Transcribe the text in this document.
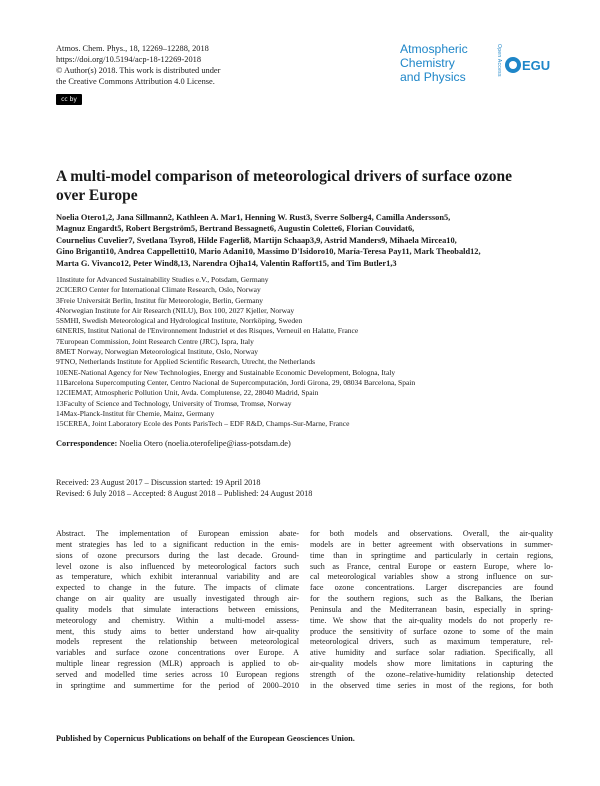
Atmos. Chem. Phys., 18, 12269–12288, 2018
https://doi.org/10.5194/acp-18-12269-2018
© Author(s) 2018. This work is distributed under
the Creative Commons Attribution 4.0 License.
cc by
Atmospheric
Chemistry
and Physics
Open Access EGU
A multi-model comparison of meteorological drivers of surface ozone over Europe
Noelia Otero1,2, Jana Sillmann2, Kathleen A. Mar1, Henning W. Rust3, Sverre Solberg4, Camilla Andersson5,
Magnuz Engardt5, Robert Bergström5, Bertrand Bessagnet6, Augustin Colette6, Florian Couvidat6,
Cournelius Cuvelier7, Svetlana Tsyro8, Hilde Fagerli8, Martijn Schaap3,9, Astrid Manders9, Mihaela Mircea10,
Gino Briganti10, Andrea Cappelletti10, Mario Adani10, Massimo D'Isidoro10, María-Teresa Pay11, Mark Theobald12,
Marta G. Vivanco12, Peter Wind8,13, Narendra Ojha14, Valentin Raffort15, and Tim Butler1,3
1Institute for Advanced Sustainability Studies e.V., Potsdam, Germany
2CICERO Center for International Climate Research, Oslo, Norway
3Freie Universität Berlin, Institut für Meteorologie, Berlin, Germany
4Norwegian Institute for Air Research (NILU), Box 100, 2027 Kjeller, Norway
5SMHI, Swedish Meteorological and Hydrological Institute, Norrköping, Sweden
6INERIS, Institut National de l'Environnement Industriel et des Risques, Verneuil en Halatte, France
7European Commission, Joint Research Centre (JRC), Ispra, Italy
8MET Norway, Norwegian Meteorological Institute, Oslo, Norway
9TNO, Netherlands Institute for Applied Scientific Research, Utrecht, the Netherlands
10ENE-National Agency for New Technologies, Energy and Sustainable Economic Development, Bologna, Italy
11Barcelona Supercomputing Center, Centro Nacional de Supercomputación, Jordi Girona, 29, 08034 Barcelona, Spain
12CIEMAT, Atmospheric Pollution Unit, Avda. Complutense, 22, 28040 Madrid, Spain
13Faculty of Science and Technology, University of Tromsø, Tromsø, Norway
14Max-Planck-Institut für Chemie, Mainz, Germany
15CEREA, Joint Laboratory Ecole des Ponts ParisTech – EDF R&D, Champs-Sur-Marne, France
Correspondence: Noelia Otero (noelia.oterofelipe@iass-potsdam.de)
Received: 23 August 2017 – Discussion started: 19 April 2018
Revised: 6 July 2018 – Accepted: 8 August 2018 – Published: 24 August 2018
Abstract. The implementation of European emission abate-
ment strategies has led to a significant reduction in the emis-
sions of ozone precursors during the last decade. Ground-
level ozone is also influenced by meteorological factors such
as temperature, which exhibit interannual variability and are
expected to change in the future. The impacts of climate
change on air quality are usually investigated through air-
quality models that simulate interactions between emissions,
meteorology and chemistry. Within a multi-model assess-
ment, this study aims to better understand how air-quality
models represent the relationship between meteorological
variables and surface ozone concentrations over Europe. A
multiple linear regression (MLR) approach is applied to ob-
served and modelled time series across 10 European regions
in springtime and summertime for the period of 2000–2010
for both models and observations. Overall, the air-quality
models are in better agreement with observations in summer-
time than in springtime and particularly in certain regions,
such as France, central Europe or eastern Europe, where lo-
cal meteorological variables show a strong influence on sur-
face ozone concentrations. Larger discrepancies are found
for the southern regions, such as the Balkans, the Iberian
Peninsula and the Mediterranean basin, especially in spring-
time. We show that the air-quality models do not properly re-
produce the sensitivity of surface ozone to some of the main
meteorological drivers, such as maximum temperature, rel-
ative humidity and surface solar radiation. Specifically, all
air-quality models show more limitations in capturing the
strength of the ozone–relative-humidity relationship detected
in the observed time series in most of the regions, for both
Published by Copernicus Publications on behalf of the European Geosciences Union.
